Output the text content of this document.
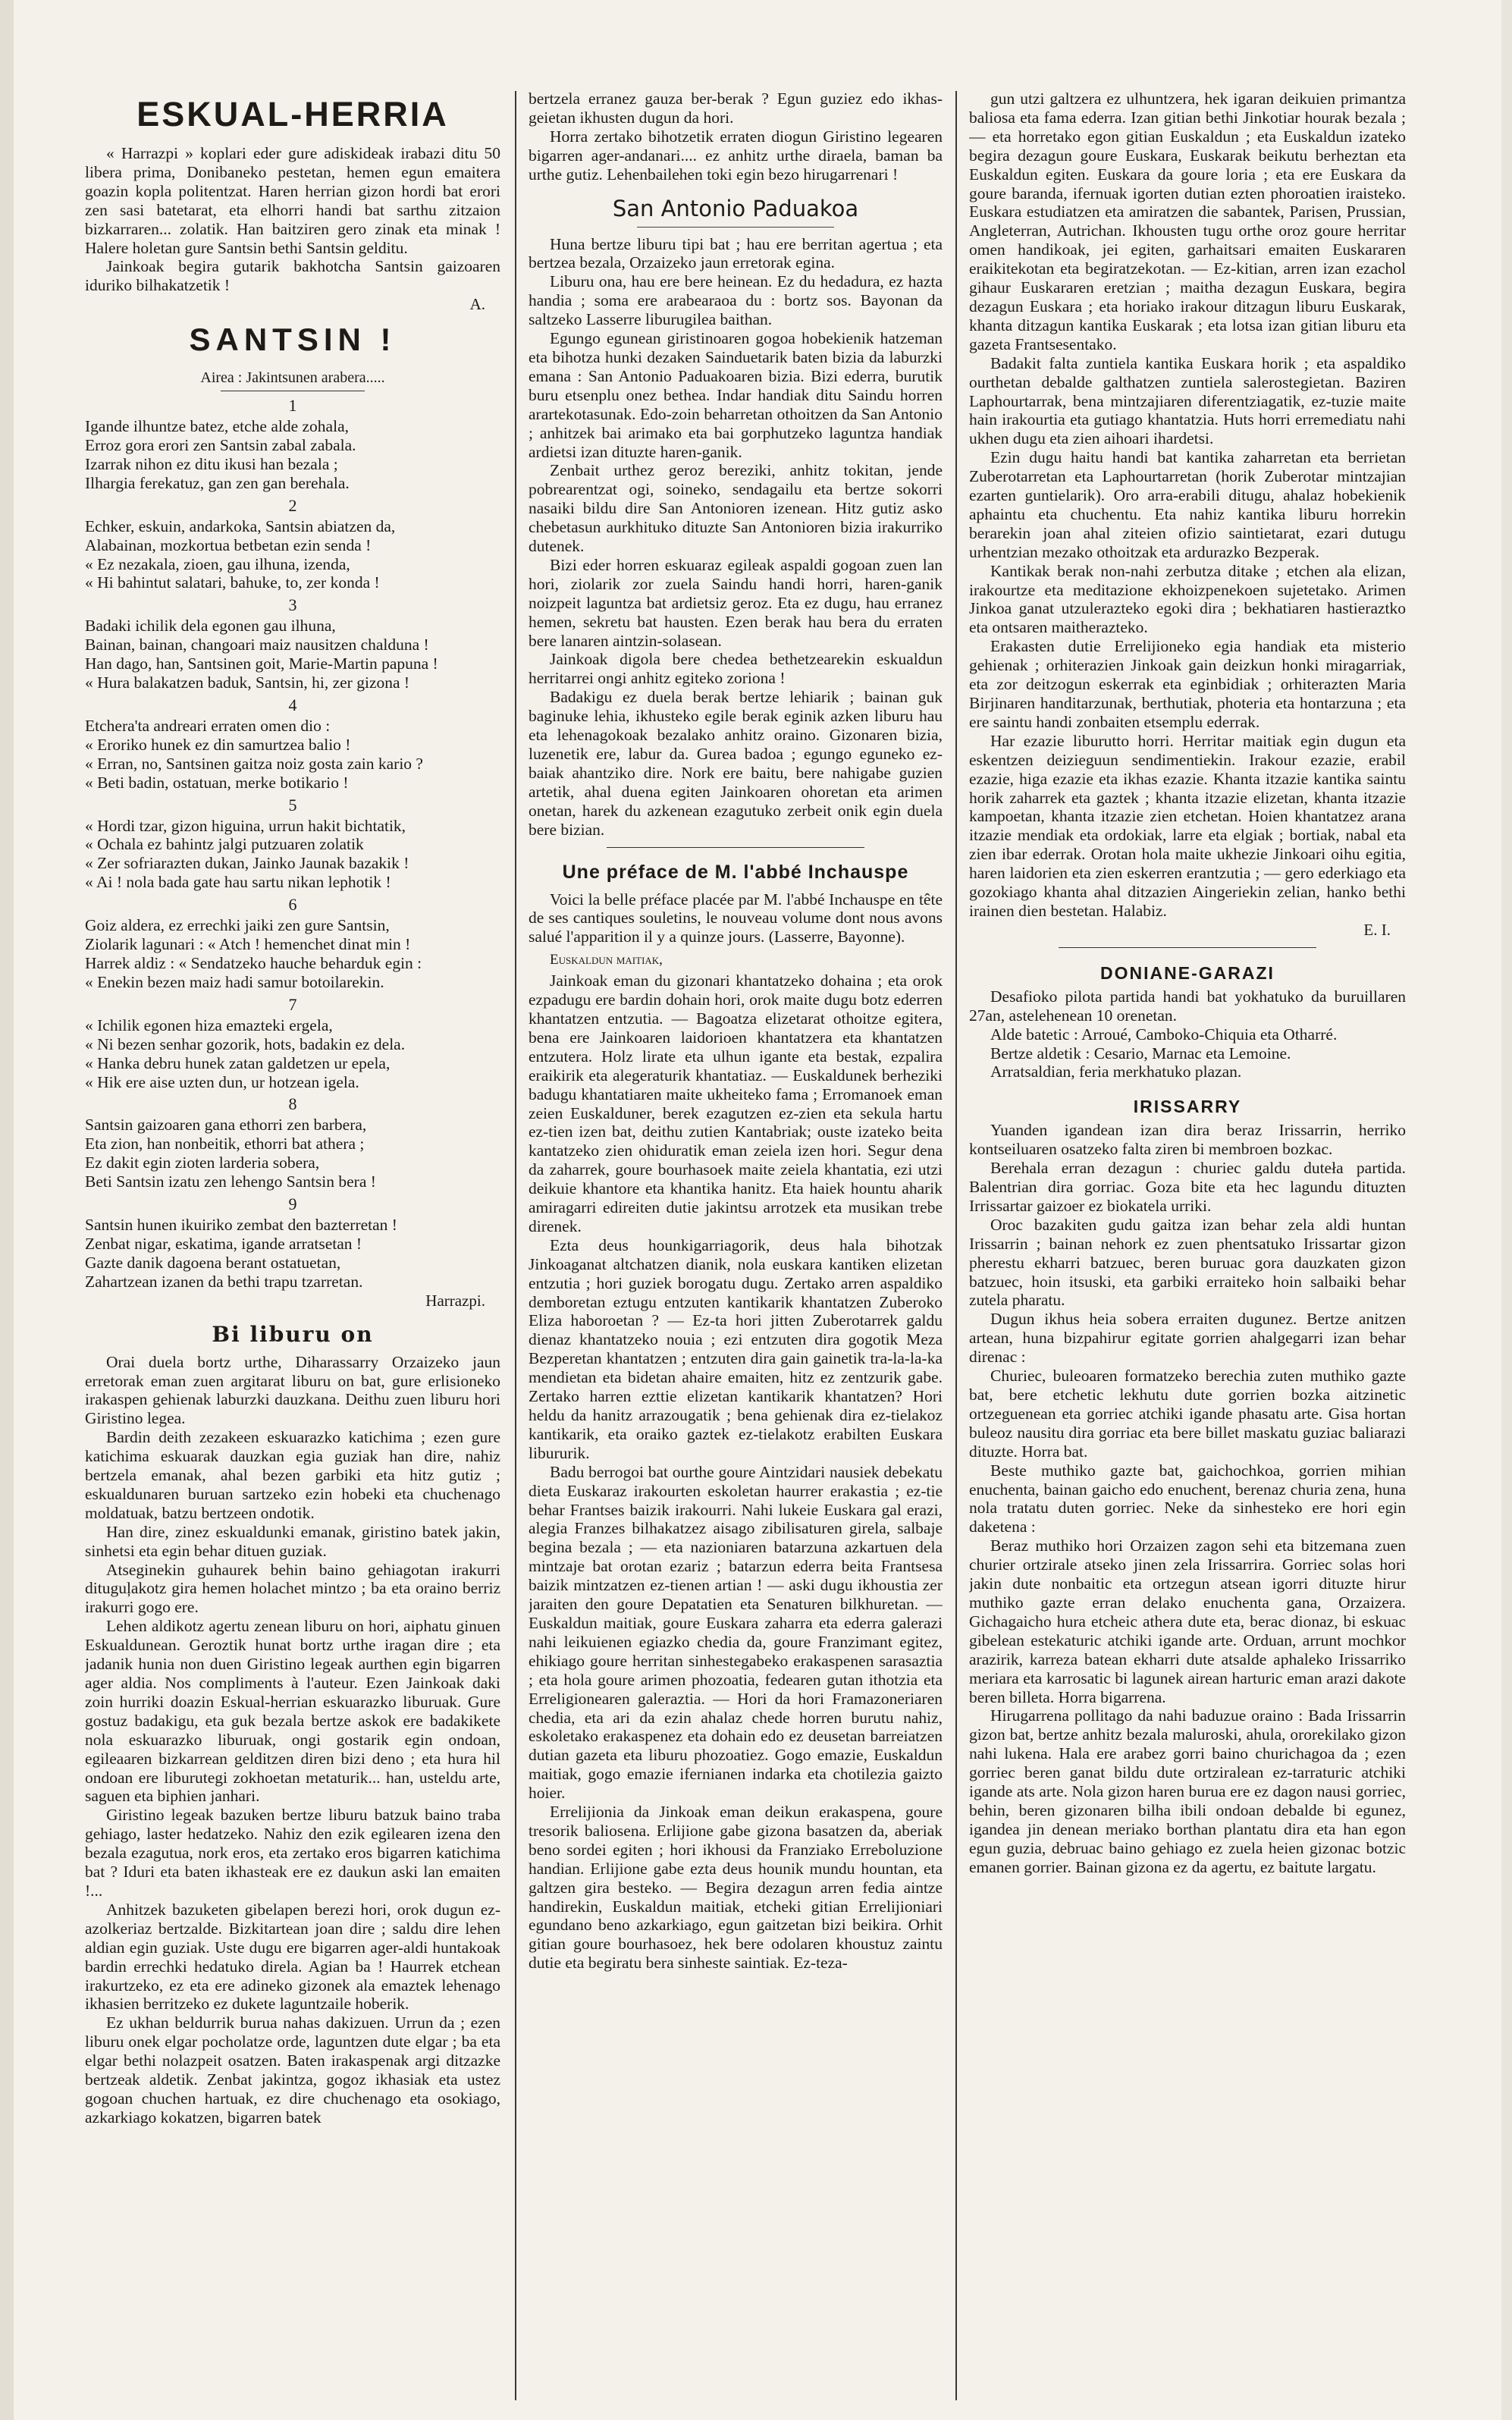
ESKUAL-HERRIA

« Harrazpi » koplari eder gure adiskideak irabazi ditu 50 libera prima, Donibaneko pestetan, hemen egun emaitera goazin kopla politentzat. Haren herrian gizon hordi bat erori zen sasi batetarat, eta elhorri handi bat sarthu zitzaion bizkarraren... zolatik. Han baitziren gero zinak eta minak ! Halere holetan gure Santsin bethi Santsin gelditu.

Jainkoak begira gutarik bakhotcha Santsin gaizoaren iduriko bilhakatzetik !

A.
SANTSIN !
Airea : Jakintsunen arabera.....
1
Igande ilhuntze batez, etche alde zohala,
Erroz gora erori zen Santsin zabal zabala.
Izarrak nihon ez ditu ikusi han bezala ;
Ilhargia ferekatuz, gan zen gan berehala.
2
Echker, eskuin, andarkoka, Santsin abiatzen da,
Alabainan, mozkortua betbetan ezin senda !
« Ez nezakala, zioen, gau ilhuna, izenda,
« Hi bahintut salatari, bahuke, to, zer konda !
3
Badaki ichilik dela egonen gau ilhuna,
Bainan, bainan, changoari maiz nausitzen chalduna !
Han dago, han, Santsinen goit, Marie-Martin papuna !
« Hura balakatzen baduk, Santsin, hi, zer gizona !
4
Etchera'ta andreari erraten omen dio :
« Eroriko hunek ez din samurtzea balio !
« Erran, no, Santsinen gaitza noiz gosta zain kario ?
« Beti badin, ostatuan, merke botikario !
5
« Hordi tzar, gizon higuina, urrun hakit bichtatik,
« Ochala ez bahintz jalgi putzuaren zolatik
« Zer sofriarazten dukan, Jainko Jaunak bazakik !
« Ai ! nola bada gate hau sartu nikan lephotik !
6
Goiz aldera, ez errechki jaiki zen gure Santsin,
Ziolarik lagunari : « Atch ! hemenchet dinat min !
Harrek aldiz : « Sendatzeko hauche beharduk egin :
« Enekin bezen maiz hadi samur botoilarekin.
7
« Ichilik egonen hiza emazteki ergela,
« Ni bezen senhar gozorik, hots, badakin ez dela.
« Hanka debru hunek zatan galdetzen ur epela,
« Hik ere aise uzten dun, ur hotzean igela.
8
Santsin gaizoaren gana ethorri zen barbera,
Eta zion, han nonbeitik, ethorri bat athera ;
Ez dakit egin zioten larderia sobera,
Beti Santsin izatu zen lehengo Santsin bera !
9
Santsin hunen ikuiriko zembat den bazterretan !
Zenbat nigar, eskatima, igande arratsetan !
Gazte danik dagoena berant ostatuetan,
Zahartzean izanen da bethi trapu tzarretan.
Harrazpi.
Bi liburu on

Orai duela bortz urthe, Diharassarry Orzaizeko jaun erretorak eman zuen argitarat liburu on bat, gure erlisioneko irakaspen gehienak laburzki dauzkana. Deithu zuen liburu hori Giristino legea.

Bardin deith zezakeen eskuarazko katichima ; ezen gure katichima eskuarak dauzkan egia guziak han dire, nahiz bertzela emanak, ahal bezen garbiki eta hitz gutiz ; eskualdunaren buruan sartzeko ezin hobeki eta chuchenago moldatuak, batzu bertzeen ondotik.

Han dire, zinez eskualdunki emanak, giristino batek jakin, sinhetsi eta egin behar dituen guziak.

Atseginekin guhaurek behin baino gehiagotan irakurri dituguļakotz gira hemen holachet mintzo ; ba eta oraino berriz irakurri gogo ere.

Lehen aldikotz agertu zenean liburu on hori, aiphatu ginuen Eskualdunean. Geroztik hunat bortz urthe iragan dire ; eta jadanik hunia non duen Giristino legeak aurthen egin bigarren ager aldia. Nos compliments à l'auteur. Ezen Jainkoak daki zoin hurriki doazin Eskual-herrian eskuarazko liburuak. Gure gostuz badakigu, eta guk bezala bertze askok ere badakikete nola eskuarazko liburuak, ongi gostarik egin ondoan, egileaaren bizkarrean gelditzen diren bizi deno ; eta hura hil ondoan ere liburutegi zokhoetan metaturik... han, usteldu arte, saguen eta biphien janhari.

Giristino legeak bazuken bertze liburu batzuk baino traba gehiago, laster hedatzeko. Nahiz den ezik egilearen izena den bezala ezagutua, nork eros, eta zertako eros bigarren katichima bat ? Iduri eta baten ikhasteak ere ez daukun aski lan emaiten !...

Anhitzek bazuketen gibelapen berezi hori, orok dugun ez-azolkeriaz bertzalde. Bizkitartean joan dire ; saldu dire lehen aldian egin guziak. Uste dugu ere bigarren ager-aldi huntakoak bardin errechki hedatuko direla. Agian ba ! Haurrek etchean irakurtzeko, ez eta ere adineko gizonek ala emaztek lehenago ikhasien berritzeko ez dukete laguntzaile hoberik.

Ez ukhan beldurrik burua nahas dakizuen. Urrun da ; ezen liburu onek elgar pocholatze orde, laguntzen dute elgar ; ba eta elgar bethi nolazpeit osatzen. Baten irakaspenak argi ditzazke bertzeak aldetik. Zenbat jakintza, gogoz ikhasiak eta ustez gogoan chuchen hartuak, ez dire chuchenago eta osokiago, azkarkiago kokatzen, bigarren batek

bertzela erranez gauza ber-berak ? Egun guziez edo ikhas-geietan ikhusten dugun da hori.

Horra zertako bihotzetik erraten diogun Giristino legearen bigarren ager-andanari.... ez anhitz urthe diraela, baman ba urthe gutiz. Lehenbailehen toki egin bezo hirugarrenari !

San Antonio Paduakoa

Huna bertze liburu tipi bat ; hau ere berritan agertua ; eta bertzea bezala, Orzaizeko jaun erretorak egina.

Liburu ona, hau ere bere heinean. Ez du hedadura, ez hazta handia ; soma ere arabearaoa du : bortz sos. Bayonan da saltzeko Lasserre liburugilea baithan.

Egungo egunean giristinoaren gogoa hobekienik hatzeman eta bihotza hunki dezaken Sainduetarik baten bizia da laburzki emana : San Antonio Paduakoaren bizia. Bizi ederra, burutik buru etsenplu onez bethea. Indar handiak ditu Saindu horren arartekotasunak. Edo-zoin beharretan othoitzen da San Antonio ; anhitzek bai arimako eta bai gorphutzeko laguntza handiak ardietsi izan dituzte haren-ganik.

Zenbait urthez geroz bereziki, anhitz tokitan, jende pobrearentzat ogi, soineko, sendagailu eta bertze sokorri nasaiki bildu dire San Antonioren izenean. Hitz gutiz asko chebetasun aurkhituko dituzte San Antonioren bizia irakurriko dutenek.

Bizi eder horren eskuaraz egileak aspaldi gogoan zuen lan hori, ziolarik zor zuela Saindu handi horri, haren-ganik noizpeit laguntza bat ardietsiz geroz. Eta ez dugu, hau erranez hemen, sekretu bat hausten. Ezen berak hau bera du erraten bere lanaren aintzin-solasean.

Jainkoak digola bere chedea bethetzearekin eskualdun herritarrei ongi anhitz egiteko zoriona !

Badakigu ez duela berak bertze lehiarik ; bainan guk baginuke lehia, ikhusteko egile berak eginik azken liburu hau eta lehenagokoak bezalako anhitz oraino. Gizonaren bizia, luzenetik ere, labur da. Gurea badoa ; egungo eguneko ez-baiak ahantziko dire. Nork ere baitu, bere nahigabe guzien artetik, ahal duena egiten Jainkoaren ohoretan eta arimen onetan, harek du azkenean ezagutuko zerbeit onik egin duela bere bizian.

Une préface de M. l'abbé Inchauspe

Voici la belle préface placée par M. l'abbé Inchauspe en tête de ses cantiques souletins, le nouveau volume dont nous avons salué l'apparition il y a quinze jours. (Lasserre, Bayonne).

Euskaldun maitiak,

Jainkoak eman du gizonari khantatzeko dohaina ; eta orok ezpadugu ere bardin dohain hori, orok maite dugu botz ederren khantatzen entzutia. — Bagoatza elizetarat othoitze egitera, bena ere Jainkoaren laidorioen khantatzera eta khantatzen entzutera. Holz lirate eta ulhun igante eta bestak, ezpalira eraikirik eta alegeraturik khantatiaz. — Euskaldunek berheziki badugu khantatiaren maite ukheiteko fama ; Erromanoek eman zeien Euskalduner, berek ezagutzen ez-zien eta sekula hartu ez-tien izen bat, deithu zutien Kantabriak; ouste izateko beita kantatzeko zien ohiduratik eman zeiela izen hori. Segur dena da zaharrek, goure bourhasoek maite zeiela khantatia, ezi utzi deikuie khantore eta khantika hanitz. Eta haiek hountu aharik amiragarri edireiten dutie jakintsu arrotzek eta musikan trebe direnek.

Ezta deus hounkigarriagorik, deus hala bihotzak Jinkoaganat altchatzen dianik, nola euskara kantiken elizetan entzutia ; hori guziek borogatu dugu. Zertako arren aspaldiko demboretan eztugu entzuten kantikarik khantatzen Zuberoko Eliza haboroetan ? — Ez-ta hori jitten Zuberotarrek galdu dienaz khantatzeko nouia ; ezi entzuten dira gogotik Meza Bezperetan khantatzen ; entzuten dira gain gainetik tra-la-la-ka mendietan eta bidetan ahaire emaiten, hitz ez zentzurik gabe. Zertako harren ezttie elizetan kantikarik khantatzen? Hori heldu da hanitz arrazougatik ; bena gehienak dira ez-tielakoz kantikarik, eta oraiko gaztek ez-tielakotz erabilten Euskara libururik.

Badu berrogoi bat ourthe goure Aintzidari nausiek debekatu dieta Euskaraz irakourten eskoletan haurrer erakastia ; ez-tie behar Frantses baizik irakourri. Nahi lukeie Euskara gal erazi, alegia Franzes bilhakatzez aisago zibilisaturen girela, salbaje begina bezala ; — eta nazioniaren batarzuna azkartuen dela mintzaje bat orotan ezariz ; batarzun ederra beita Frantsesa baizik mintzatzen ez-tienen artian ! — aski dugu ikhoustia zer jaraiten den goure Depatatien eta Senaturen bilkhuretan. — Euskaldun maitiak, goure Euskara zaharra eta ederra galerazi nahi leikuienen egiazko chedia da, goure Franzimant egitez, ehikiago goure herritan sinhestegabeko erakaspenen sarasaztia ; eta hola goure arimen phozoatia, fedearen gutan ithotzia eta Erreligionearen galeraztia. — Hori da hori Framazoneriaren chedia, eta ari da ezin ahalaz chede horren burutu nahiz, eskoletako erakaspenez eta dohain edo ez deusetan barreiatzen dutian gazeta eta liburu phozoatiez. Gogo emazie, Euskaldun maitiak, gogo emazie ifernianen indarka eta chotilezia gaizto hoier.

Errelijionia da Jinkoak eman deikun erakaspena, goure tresorik baliosena. Erlijione gabe gizona basatzen da, aberiak beno sordei egiten ; hori ikhousi da Franziako Erreboluzione handian. Erlijione gabe ezta deus hounik mundu hountan, eta galtzen gira besteko. — Begira dezagun arren fedia aintze handirekin, Euskaldun maitiak, etcheki gitian Errelijioniari egundano beno azkarkiago, egun gaitzetan bizi beikira. Orhit gitian goure bourhasoez, hek bere odolaren khoustuz zaintu dutie eta begiratu bera sinheste saintiak. Ez-teza-

gun utzi galtzera ez ulhuntzera, hek igaran deikuien primantza baliosa eta fama ederra. Izan gitian bethi Jinkotiar hourak bezala ; — eta horretako egon gitian Euskaldun ; eta Euskaldun izateko begira dezagun goure Euskara, Euskarak beikutu berheztan eta Euskaldun egiten. Euskara da goure loria ; eta ere Euskara da goure baranda, ifernuak igorten dutian ezten phoroatien iraisteko. Euskara estudiatzen eta amiratzen die sabantek, Parisen, Prussian, Angleterran, Autrichan. Ikhousten tugu orthe oroz goure herritar omen handikoak, jei egiten, garhaitsari emaiten Euskararen eraikitekotan eta begiratzekotan. — Ez-kitian, arren izan ezachol gihaur Euskararen eretzian ; maitha dezagun Euskara, begira dezagun Euskara ; eta horiako irakour ditzagun liburu Euskarak, khanta ditzagun kantika Euskarak ; eta lotsa izan gitian liburu eta gazeta Frantsesentako.

Badakit falta zuntiela kantika Euskara horik ; eta aspaldiko ourthetan debalde galthatzen zuntiela salerostegietan. Baziren Laphourtarrak, bena mintzajiaren diferentziagatik, ez-tuzie maite hain irakourtia eta gutiago khantatzia. Huts horri erremediatu nahi ukhen dugu eta zien aihoari ihardetsi.

Ezin dugu haitu handi bat kantika zaharretan eta berrietan Zuberotarretan eta Laphourtarretan (horik Zuberotar mintzajian ezarten guntielarik). Oro arra-erabili ditugu, ahalaz hobekienik aphaintu eta chuchentu. Eta nahiz kantika liburu horrekin berarekin joan ahal ziteien ofizio saintietarat, ezari dutugu urhentzian mezako othoitzak eta ardurazko Bezperak.

Kantikak berak non-nahi zerbutza ditake ; etchen ala elizan, irakourtze eta meditazione ekhoizpenekoen sujetetako. Arimen Jinkoa ganat utzulerazteko egoki dira ; bekhatiaren hastieraztko eta ontsaren maitherazteko.

Erakasten dutie Errelijioneko egia handiak eta misterio gehienak ; orhiterazien Jinkoak gain deizkun honki miragarriak, eta zor deitzogun eskerrak eta eginbidiak ; orhiterazten Maria Birjinaren handitarzunak, berthutiak, photeria eta hontarzuna ; eta ere saintu handi zonbaiten etsemplu ederrak.

Har ezazie liburutto horri. Herritar maitiak egin dugun eta eskentzen deizieguun sendimentiekin. Irakour ezazie, erabil ezazie, higa ezazie eta ikhas ezazie. Khanta itzazie kantika saintu horik zaharrek eta gaztek ; khanta itzazie elizetan, khanta itzazie kampoetan, khanta itzazie zien etchetan. Hoien khantatzez arana itzazie mendiak eta ordokiak, larre eta elgiak ; bortiak, nabal eta zien ibar ederrak. Orotan hola maite ukhezie Jinkoari oihu egitia, haren laidorien eta zien eskerren erantzutia ; — gero ederkiago eta gozokiago khanta ahal ditzazien Aingeriekin zelian, hanko bethi irainen dien bestetan. Halabiz.

E. I.
DONIANE-GARAZI

Desafioko pilota partida handi bat yokhatuko da buruillaren 27an, astelehenean 10 orenetan.

Alde batetic : Arroué, Camboko-Chiquia eta Otharré.

Bertze aldetik : Cesario, Marnac eta Lemoine.

Arratsaldian, feria merkhatuko plazan.

IRISSARRY

Yuanden igandean izan dira beraz Irissarrin, herriko kontseiluaren osatzeko falta ziren bi membroen bozkac.

Berehala erran dezagun : churiec galdu duteła partida. Balentrian dira gorriac. Goza bite eta hec lagundu dituzten Irrissartar gaizoer ez biokatela urriki.

Oroc bazakiten gudu gaitza izan behar zela aldi huntan Irissarrin ; bainan nehork ez zuen phentsatuko Irissartar gizon pherestu ekharri batzuec, beren buruac gora dauzkaten gizon batzuec, hoin itsuski, eta garbiki erraiteko hoin salbaiki behar zutela pharatu.

Dugun ikhus heia sobera erraiten dugunez. Bertze anitzen artean, huna bizpahirur egitate gorrien ahalgegarri izan behar direnac :

Churiec, buleoaren formatzeko berechia zuten muthiko gazte bat, bere etchetic lekhutu dute gorrien bozka aitzinetic ortzeguenean eta gorriec atchiki igande phasatu arte. Gisa hortan buleoz nausitu dira gorriac eta bere billet maskatu guziac baliarazi dituzte. Horra bat.

Beste muthiko gazte bat, gaichochkoa, gorrien mihian enuchenta, bainan gaicho edo enuchent, berenaz churia zena, huna nola tratatu duten gorriec. Neke da sinhesteko ere hori egin daketena :

Beraz muthiko hori Orzaizen zagon sehi eta bitzemana zuen churier ortzirale atseko jinen zela Irissarrira. Gorriec solas hori jakin dute nonbaitic eta ortzegun atsean igorri dituzte hirur muthiko gazte erran delako enuchenta gana, Orzaizera. Gichagaicho hura etcheic athera dute eta, berac dionaz, bi eskuac gibelean estekaturic atchiki igande arte. Orduan, arrunt mochkor arazirik, karreza batean ekharri dute atsalde aphaleko Irissarriko meriara eta karrosatic bi lagunek airean harturic eman arazi dakote beren billeta. Horra bigarrena.

Hirugarrena pollitago da nahi baduzue oraino : Bada Irissarrin gizon bat, bertze anhitz bezala maluroski, ahula, ororekilako gizon nahi lukena. Hala ere arabez gorri baino churichagoa da ; ezen gorriec beren ganat bildu dute ortziralean ez-tarraturic atchiki igande ats arte. Nola gizon haren burua ere ez dagon nausi gorriec, behin, beren gizonaren bilha ibili ondoan debalde bi egunez, igandea jin denean meriako borthan plantatu dira eta han egon egun guzia, debruac baino gehiago ez zuela heien gizonac botzic emanen gorrier. Bainan gizona ez da agertu, ez baitute largatu.
